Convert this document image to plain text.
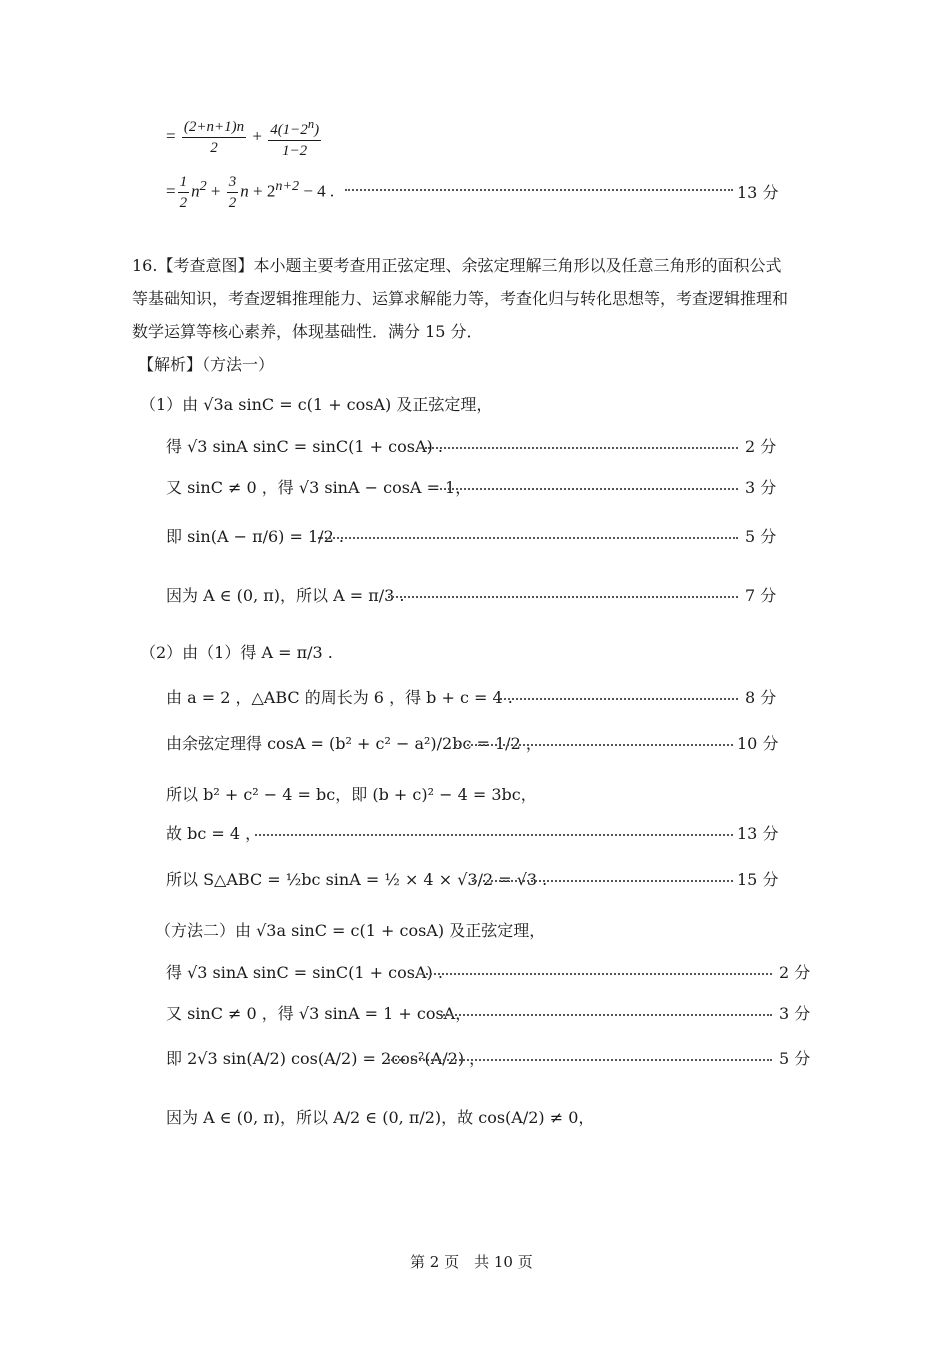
= $\frac{(2+n+1)n}{2} + \frac{4(1-2^n)}{1-2}$
= $\frac{1}{2} n^2 + \frac{3}{2}$ $n + 2^{n+2} - 4$ .	13 分
16.【考查意图】本小题主要考查用正弦定理、余弦定理解三角形以及任意三角形的面积公式
等基础知识，考查逻辑推理能力、运算求解能力等，考查化归与转化思想等，考查逻辑推理和
数学运算等核心素养，体现基础性．满分 15 分．
【解析】（方法一）
（1）由 √3a sinC = c(1 + cosA) 及正弦定理，
得 √3 sinA sinC = sinC(1 + cosA) .	2 分
又 sinC ≠ 0 ，得 √3 sinA − cosA = 1，	3 分
即 sin(A − π/6) = 1/2 .	5 分
因为 A ∈ (0, π)，所以 A = π/3 .	7 分
（2）由（1）得 A = π/3 .
由 a = 2 ，△ABC 的周长为 6 ，得 b + c = 4 .	8 分
由余弦定理得 cosA = (b² + c² − a²)/2bc = 1/2 ，	10 分
所以 b² + c² − 4 = bc，即 (b + c)² − 4 = 3bc，
故 bc = 4 ，	13 分
所以 S△ABC = ½bc sinA = ½ × 4 × √3/2 = √3 .	15 分
（方法二）由 √3a sinC = c(1 + cosA) 及正弦定理，
得 √3 sinA sinC = sinC(1 + cosA) .	2 分
又 sinC ≠ 0 ，得 √3 sinA = 1 + cosA，	3 分
即 2√3 sin(A/2) cos(A/2) = 2cos²(A/2) ，	5 分
因为 A ∈ (0, π)，所以 A/2 ∈ (0, π/2)，故 cos(A/2) ≠ 0，
第 2 页　共 10 页
